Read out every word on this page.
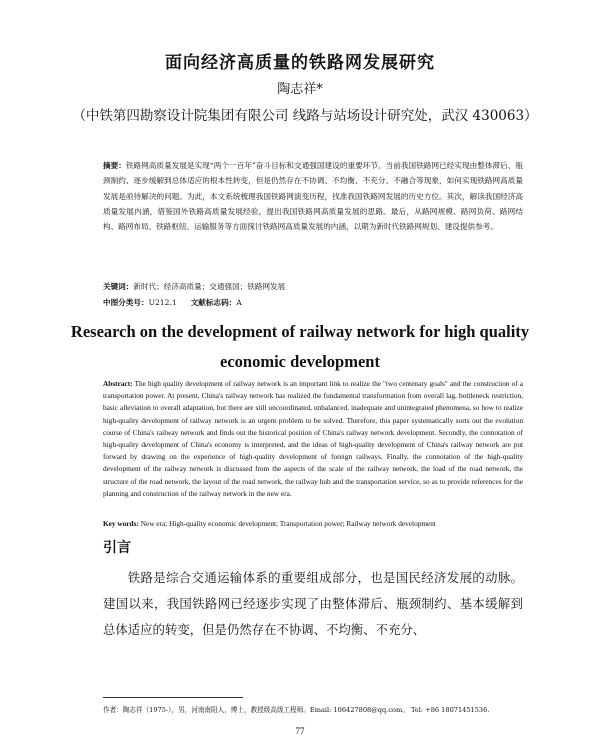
面向经济高质量的铁路网发展研究
陶志祥*
（中铁第四勘察设计院集团有限公司 线路与站场设计研究处，武汉 430063）
摘要：铁路网高质量发展是实现“两个一百年”奋斗目标和交通强国建设的重要环节。当前我国铁路网已经实现由整体滞后、瓶颈制约、逐步缓解到总体适应的根本性转变，但是仍然存在不协调、不均衡、不充分、不融合等现象，如何实现铁路网高质量发展是亟待解决的问题。为此，本文系统梳理我国铁路网演变历程，找准我国铁路网发展的历史方位。其次，解读我国经济高质量发展内涵，借鉴国外铁路高质量发展经验，提出我国铁路网高质量发展的思路。最后，从路网规模、路网负荷、路网结构、路网布局、铁路枢纽、运输服务等方面探讨铁路网高质量发展的内涵，以期为新时代铁路网规划、建设提供参考。
关键词：新时代；经济高质量；交通强国；铁路网发展
中图分类号：U212.1 文献标志码：A
Research on the development of railway network for high quality economic development
Abstract: The high quality development of railway network is an important link to realize the "two centenary goals" and the construction of a transportation power. At present, China's railway network has realized the fundamental transformation from overall lag, bottleneck restriction, basic alleviation to overall adaptation, but there are still uncoordinated, unbalanced, inadequate and unintegrated phenomena, so how to realize high-quality development of railway network is an urgent problem to be solved. Therefore, this paper systematically sorts out the evolution course of China's railway network and finds out the historical position of China's railway network development. Secondly, the connotation of high-quality development of China's economy is interpreted, and the ideas of high-quality development of China's railway network are put forward by drawing on the experience of high-quality development of foreign railways. Finally, the connotation of the high-quality development of the railway network is discussed from the aspects of the scale of the railway network, the load of the road network, the structure of the road network, the layout of the road network, the railway hub and the transportation service, so as to provide references for the planning and construction of the railway network in the new era.
Key words: New era; High-quality economic development; Transportation power; Railway network development
引言
铁路是综合交通运输体系的重要组成部分，也是国民经济发展的动脉。建国以来，我国铁路网已经逐步实现了由整体滞后、瓶颈制约、基本缓解到总体适应的转变，但是仍然存在不协调、不均衡、不充分、
作者：陶志祥（1975-），男，河南南阳人，博士，教授级高级工程师。Email: 106427808@qq.com。 Tel: +86 18071451536.
77
